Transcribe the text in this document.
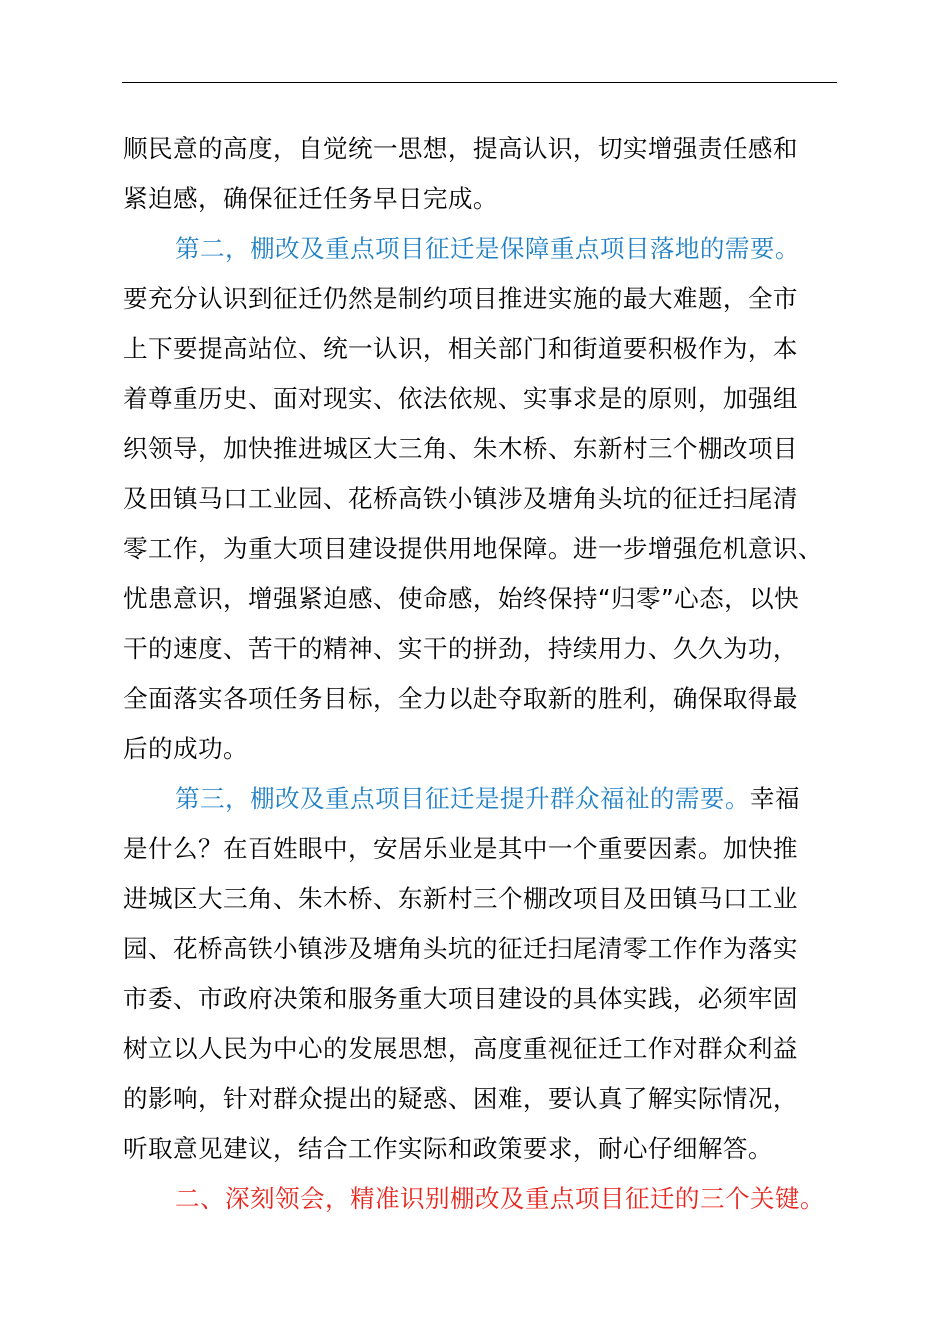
顺民意的高度，自觉统一思想，提高认识，切实增强责任感和
紧迫感，确保征迁任务早日完成。
第二，棚改及重点项目征迁是保障重点项目落地的需要。
要充分认识到征迁仍然是制约项目推进实施的最大难题，全市
上下要提高站位、统一认识，相关部门和街道要积极作为，本
着尊重历史、面对现实、依法依规、实事求是的原则，加强组
织领导，加快推进城区大三角、朱木桥、东新村三个棚改项目
及田镇马口工业园、花桥高铁小镇涉及塘角头坑的征迁扫尾清
零工作，为重大项目建设提供用地保障。进一步增强危机意识、
忧患意识，增强紧迫感、使命感，始终保持“归零”心态，以快
干的速度、苦干的精神、实干的拼劲，持续用力、久久为功，
全面落实各项任务目标，全力以赴夺取新的胜利，确保取得最
后的成功。
第三，棚改及重点项目征迁是提升群众福祉的需要。幸福
是什么？在百姓眼中，安居乐业是其中一个重要因素。加快推
进城区大三角、朱木桥、东新村三个棚改项目及田镇马口工业
园、花桥高铁小镇涉及塘角头坑的征迁扫尾清零工作作为落实
市委、市政府决策和服务重大项目建设的具体实践，必须牢固
树立以人民为中心的发展思想，高度重视征迁工作对群众利益
的影响，针对群众提出的疑惑、困难，要认真了解实际情况，
听取意见建议，结合工作实际和政策要求，耐心仔细解答。
二、深刻领会，精准识别棚改及重点项目征迁的三个关键。
